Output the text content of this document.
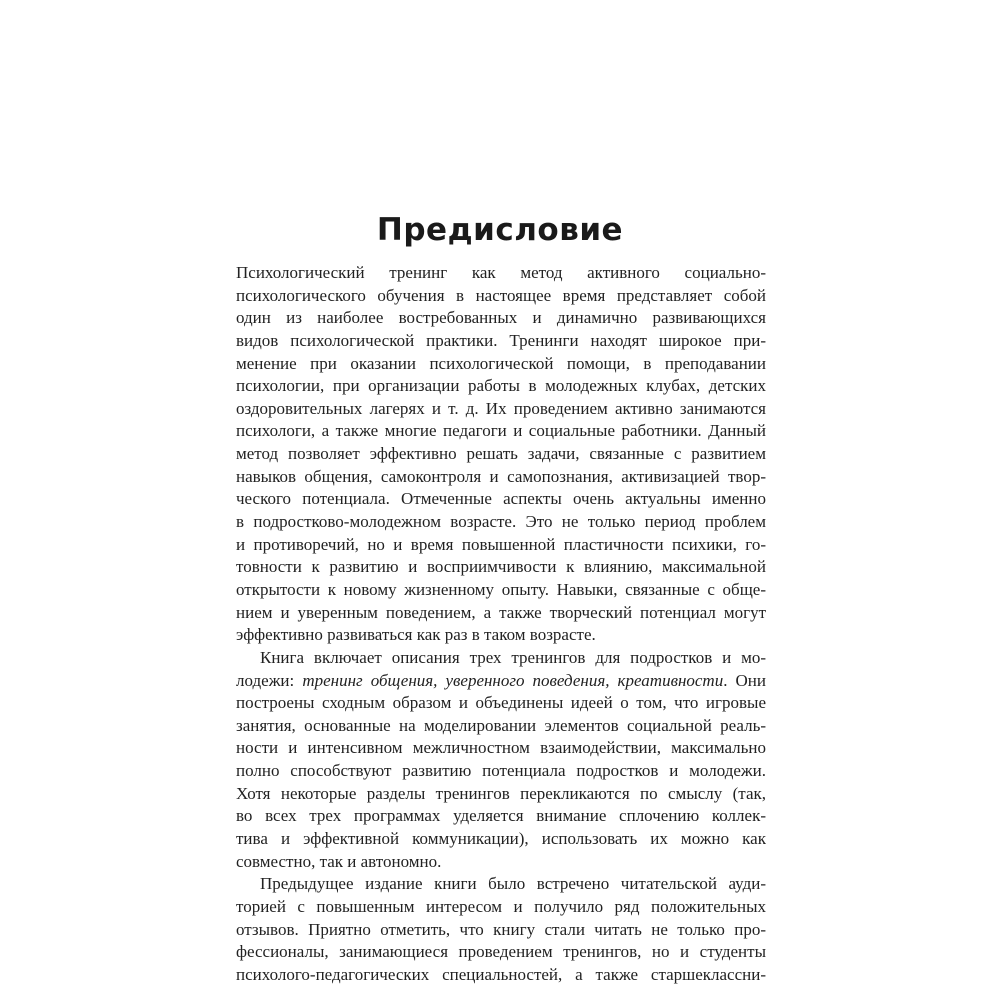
Предисловие
Психологический тренинг как метод активного социально-
психологического обучения в настоящее время представляет собой
один из наиболее востребованных и динамично развивающихся
видов психологической практики. Тренинги находят широкое при-
менение при оказании психологической помощи, в преподавании
психологии, при организации работы в молодежных клубах, детских
оздоровительных лагерях и т. д. Их проведением активно занимаются
психологи, а также многие педагоги и социальные работники. Данный
метод позволяет эффективно решать задачи, связанные с развитием
навыков общения, самоконтроля и самопознания, активизацией твор-
ческого потенциала. Отмеченные аспекты очень актуальны именно
в подростково-молодежном возрасте. Это не только период проблем
и противоречий, но и время повышенной пластичности психики, го-
товности к развитию и восприимчивости к влиянию, максимальной
открытости к новому жизненному опыту. Навыки, связанные с обще-
нием и уверенным поведением, а также творческий потенциал могут
эффективно развиваться как раз в таком возрасте.
Книга включает описания трех тренингов для подростков и мо-
лодежи: тренинг общения, уверенного поведения, креативности. Они
построены сходным образом и объединены идеей о том, что игровые
занятия, основанные на моделировании элементов социальной реаль-
ности и интенсивном межличностном взаимодействии, максимально
полно способствуют развитию потенциала подростков и молодежи.
Хотя некоторые разделы тренингов перекликаются по смыслу (так,
во всех трех программах уделяется внимание сплочению коллек-
тива и эффективной коммуникации), использовать их можно как
совместно, так и автономно.
Предыдущее издание книги было встречено читательской ауди-
торией с повышенным интересом и получило ряд положительных
отзывов. Приятно отметить, что книгу стали читать не только про-
фессионалы, занимающиеся проведением тренингов, но и студенты
психолого-педагогических специальностей, а также старшеклассни-
